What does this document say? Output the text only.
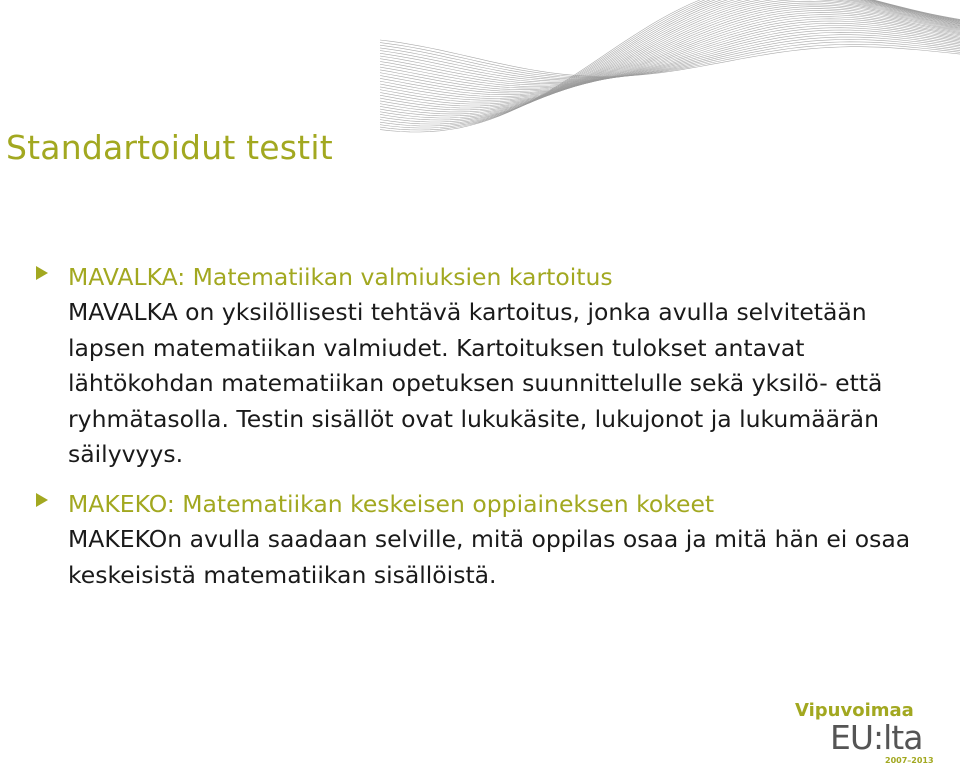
Standartoidut testit
MAVALKA: Matematiikan valmiuksien kartoitus
MAVALKA on yksilöllisesti tehtävä kartoitus, jonka avulla selvitetään lapsen matematiikan valmiudet. Kartoituksen tulokset antavat lähtökohdan matematiikan opetuksen suunnittelulle sekä yksilö- että ryhmätasolla. Testin sisällöt ovat lukukäsite, lukujonot ja lukumäärän säilyvyys.
MAKEKO: Matematiikan keskeisen oppiaineksen kokeet
MAKEKOn avulla saadaan selville, mitä oppilas osaa ja mitä hän ei osaa keskeisistä matematiikan sisällöistä.
Vipuvoimaa
EU:lta
2007–2013
